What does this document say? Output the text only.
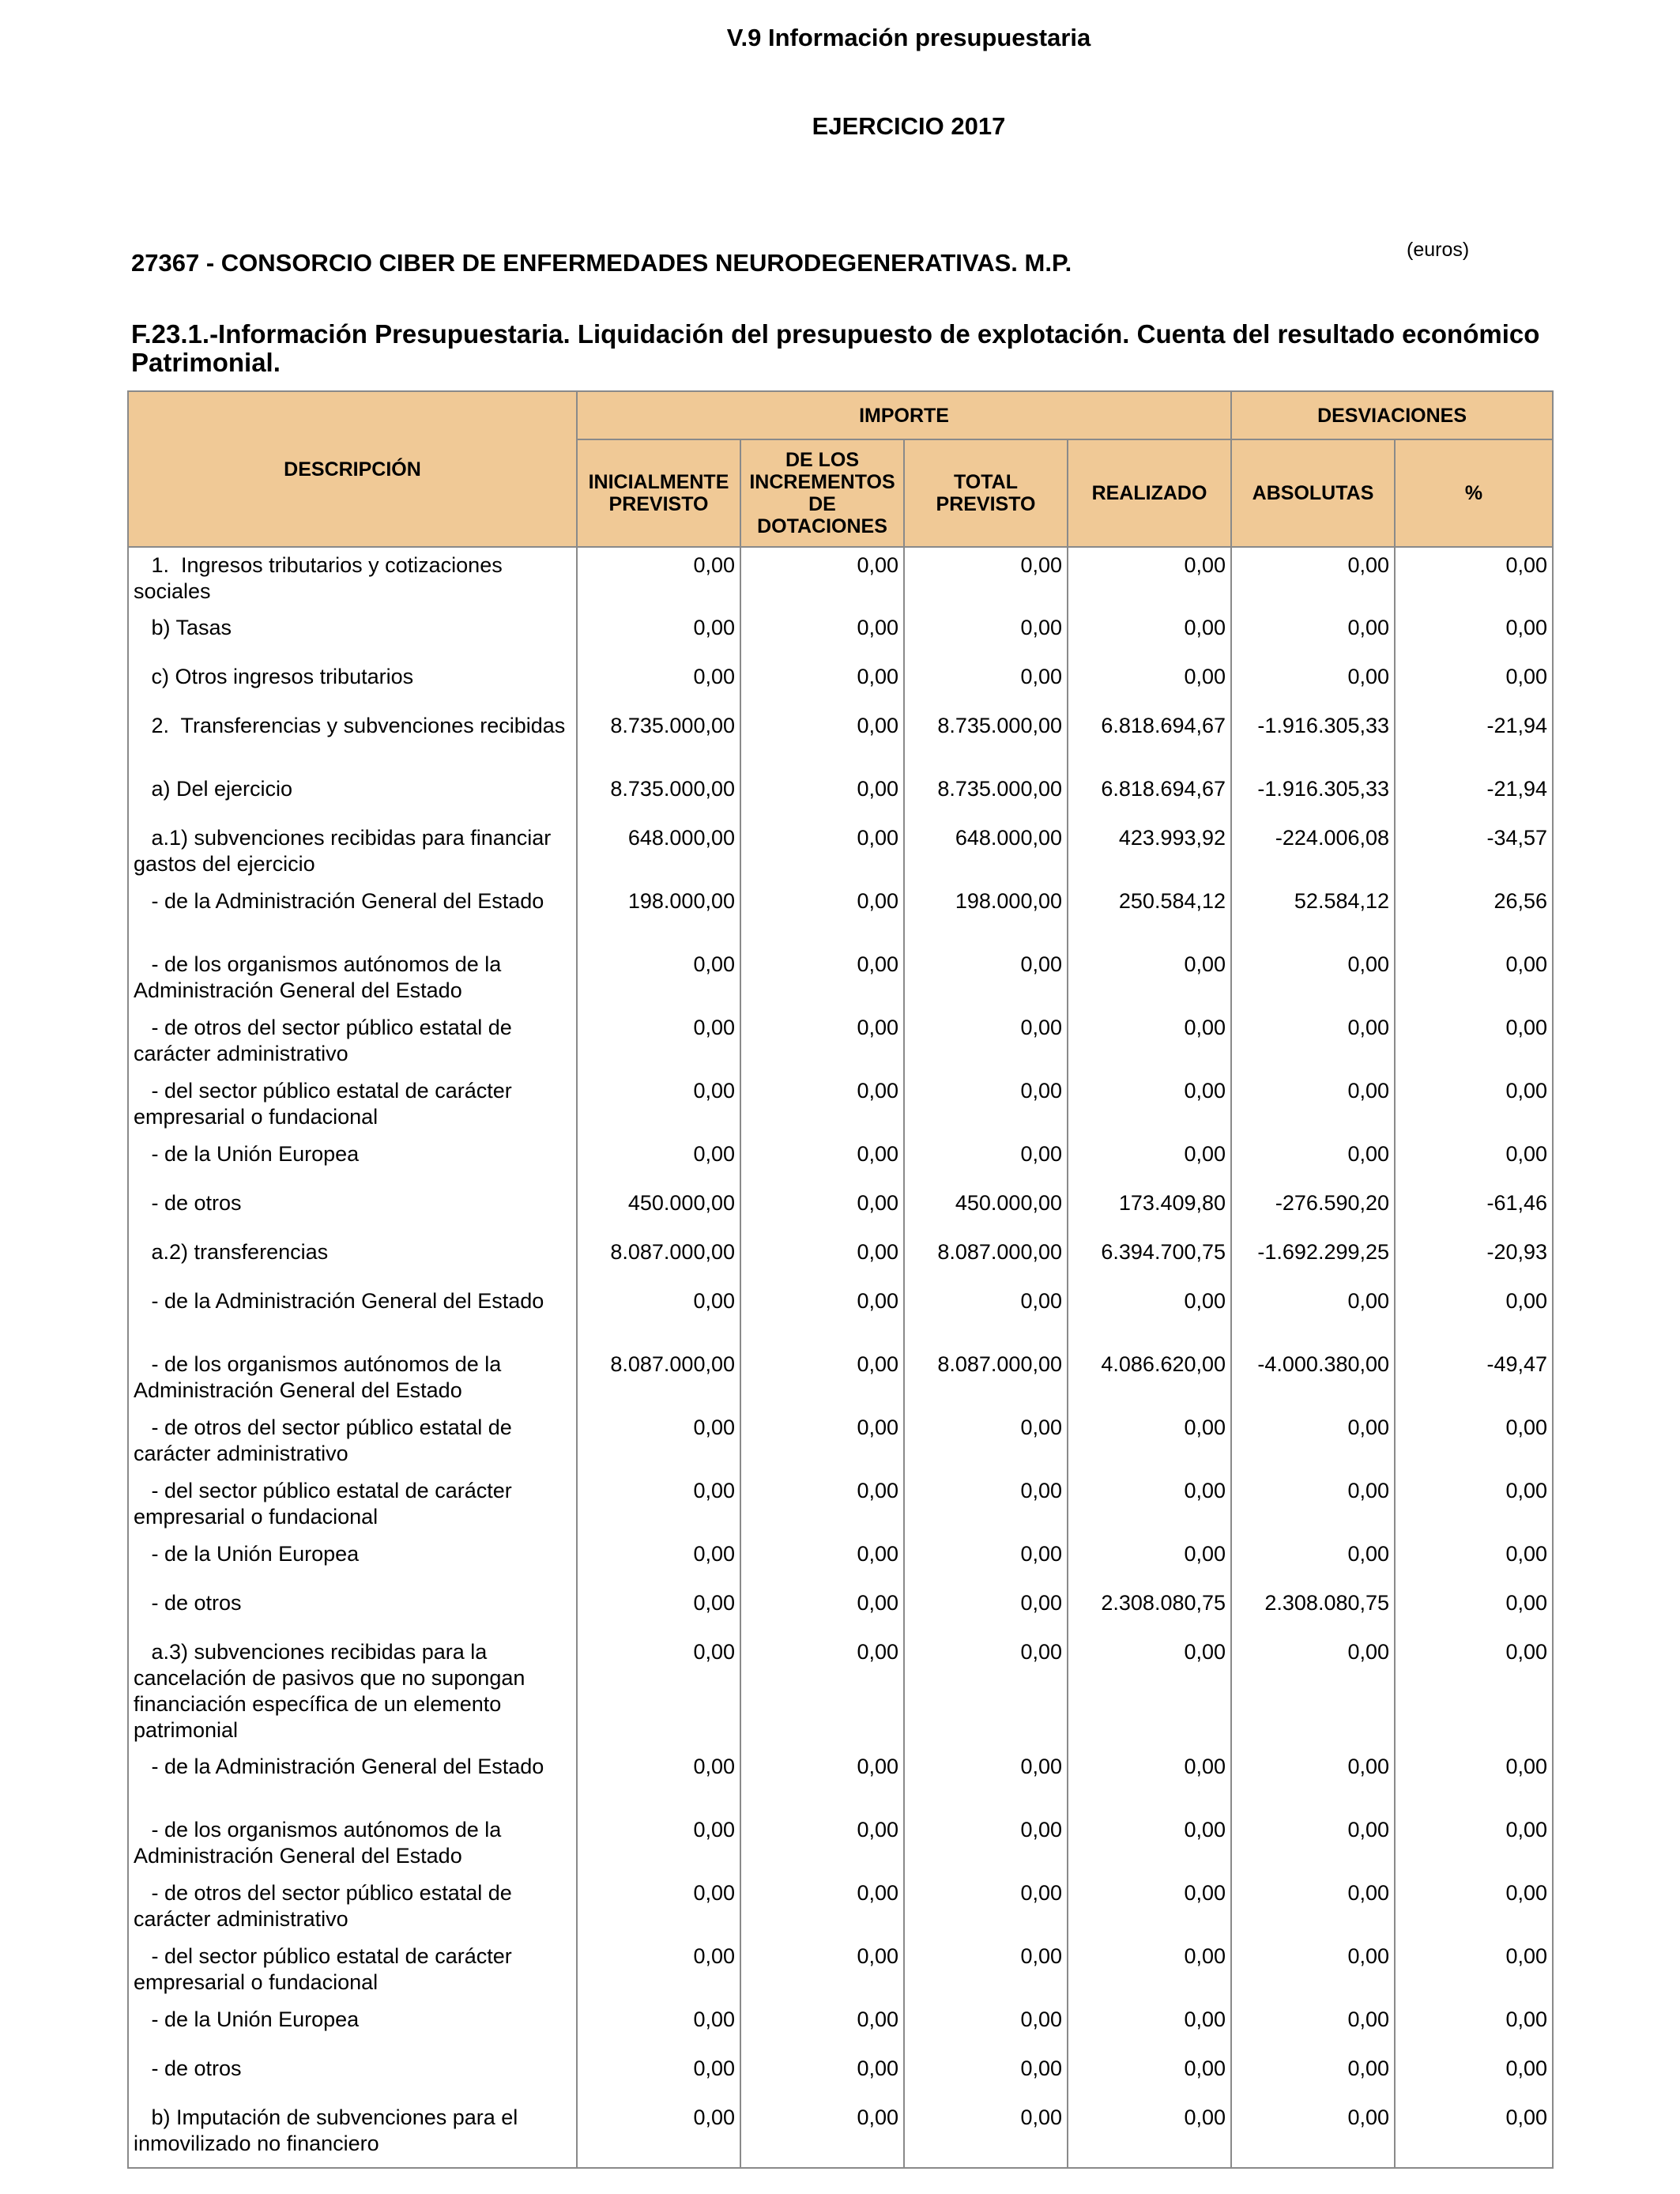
V.9 Información presupuestaria
EJERCICIO 2017
(euros)
27367 - CONSORCIO CIBER DE ENFERMEDADES NEURODEGENERATIVAS. M.P.
F.23.1.-Información Presupuestaria. Liquidación del presupuesto de explotación. Cuenta del resultado económico Patrimonial.
DESCRIPCIÓN	IMPORTE				DESVIACIONES	
	INICIALMENTE PREVISTO	DE LOS INCREMENTOS DE DOTACIONES	TOTAL PREVISTO	REALIZADO	ABSOLUTAS	%
1.  Ingresos tributarios y cotizaciones sociales	0,00	0,00	0,00	0,00	0,00	0,00
b) Tasas	0,00	0,00	0,00	0,00	0,00	0,00
c) Otros ingresos tributarios	0,00	0,00	0,00	0,00	0,00	0,00
2.  Transferencias y subvenciones recibidas	8.735.000,00	0,00	8.735.000,00	6.818.694,67	-1.916.305,33	-21,94
a) Del ejercicio	8.735.000,00	0,00	8.735.000,00	6.818.694,67	-1.916.305,33	-21,94
a.1) subvenciones recibidas para financiar gastos del ejercicio	648.000,00	0,00	648.000,00	423.993,92	-224.006,08	-34,57
- de la Administración General del Estado	198.000,00	0,00	198.000,00	250.584,12	52.584,12	26,56
- de los organismos autónomos de la Administración General del Estado	0,00	0,00	0,00	0,00	0,00	0,00
- de otros del sector público estatal de carácter administrativo	0,00	0,00	0,00	0,00	0,00	0,00
- del sector público estatal de carácter empresarial o fundacional	0,00	0,00	0,00	0,00	0,00	0,00
- de la Unión Europea	0,00	0,00	0,00	0,00	0,00	0,00
- de otros	450.000,00	0,00	450.000,00	173.409,80	-276.590,20	-61,46
a.2) transferencias	8.087.000,00	0,00	8.087.000,00	6.394.700,75	-1.692.299,25	-20,93
- de la Administración General del Estado	0,00	0,00	0,00	0,00	0,00	0,00
- de los organismos autónomos de la Administración General del Estado	8.087.000,00	0,00	8.087.000,00	4.086.620,00	-4.000.380,00	-49,47
- de otros del sector público estatal de carácter administrativo	0,00	0,00	0,00	0,00	0,00	0,00
- del sector público estatal de carácter empresarial o fundacional	0,00	0,00	0,00	0,00	0,00	0,00
- de la Unión Europea	0,00	0,00	0,00	0,00	0,00	0,00
- de otros	0,00	0,00	0,00	2.308.080,75	2.308.080,75	0,00
a.3) subvenciones recibidas para la cancelación de pasivos que no supongan financiación específica de un elemento patrimonial	0,00	0,00	0,00	0,00	0,00	0,00
- de la Administración General del Estado	0,00	0,00	0,00	0,00	0,00	0,00
- de los organismos autónomos de la Administración General del Estado	0,00	0,00	0,00	0,00	0,00	0,00
- de otros del sector público estatal de carácter administrativo	0,00	0,00	0,00	0,00	0,00	0,00
- del sector público estatal de carácter empresarial o fundacional	0,00	0,00	0,00	0,00	0,00	0,00
- de la Unión Europea	0,00	0,00	0,00	0,00	0,00	0,00
- de otros	0,00	0,00	0,00	0,00	0,00	0,00
b) Imputación de subvenciones para el inmovilizado no financiero	0,00	0,00	0,00	0,00	0,00	0,00
